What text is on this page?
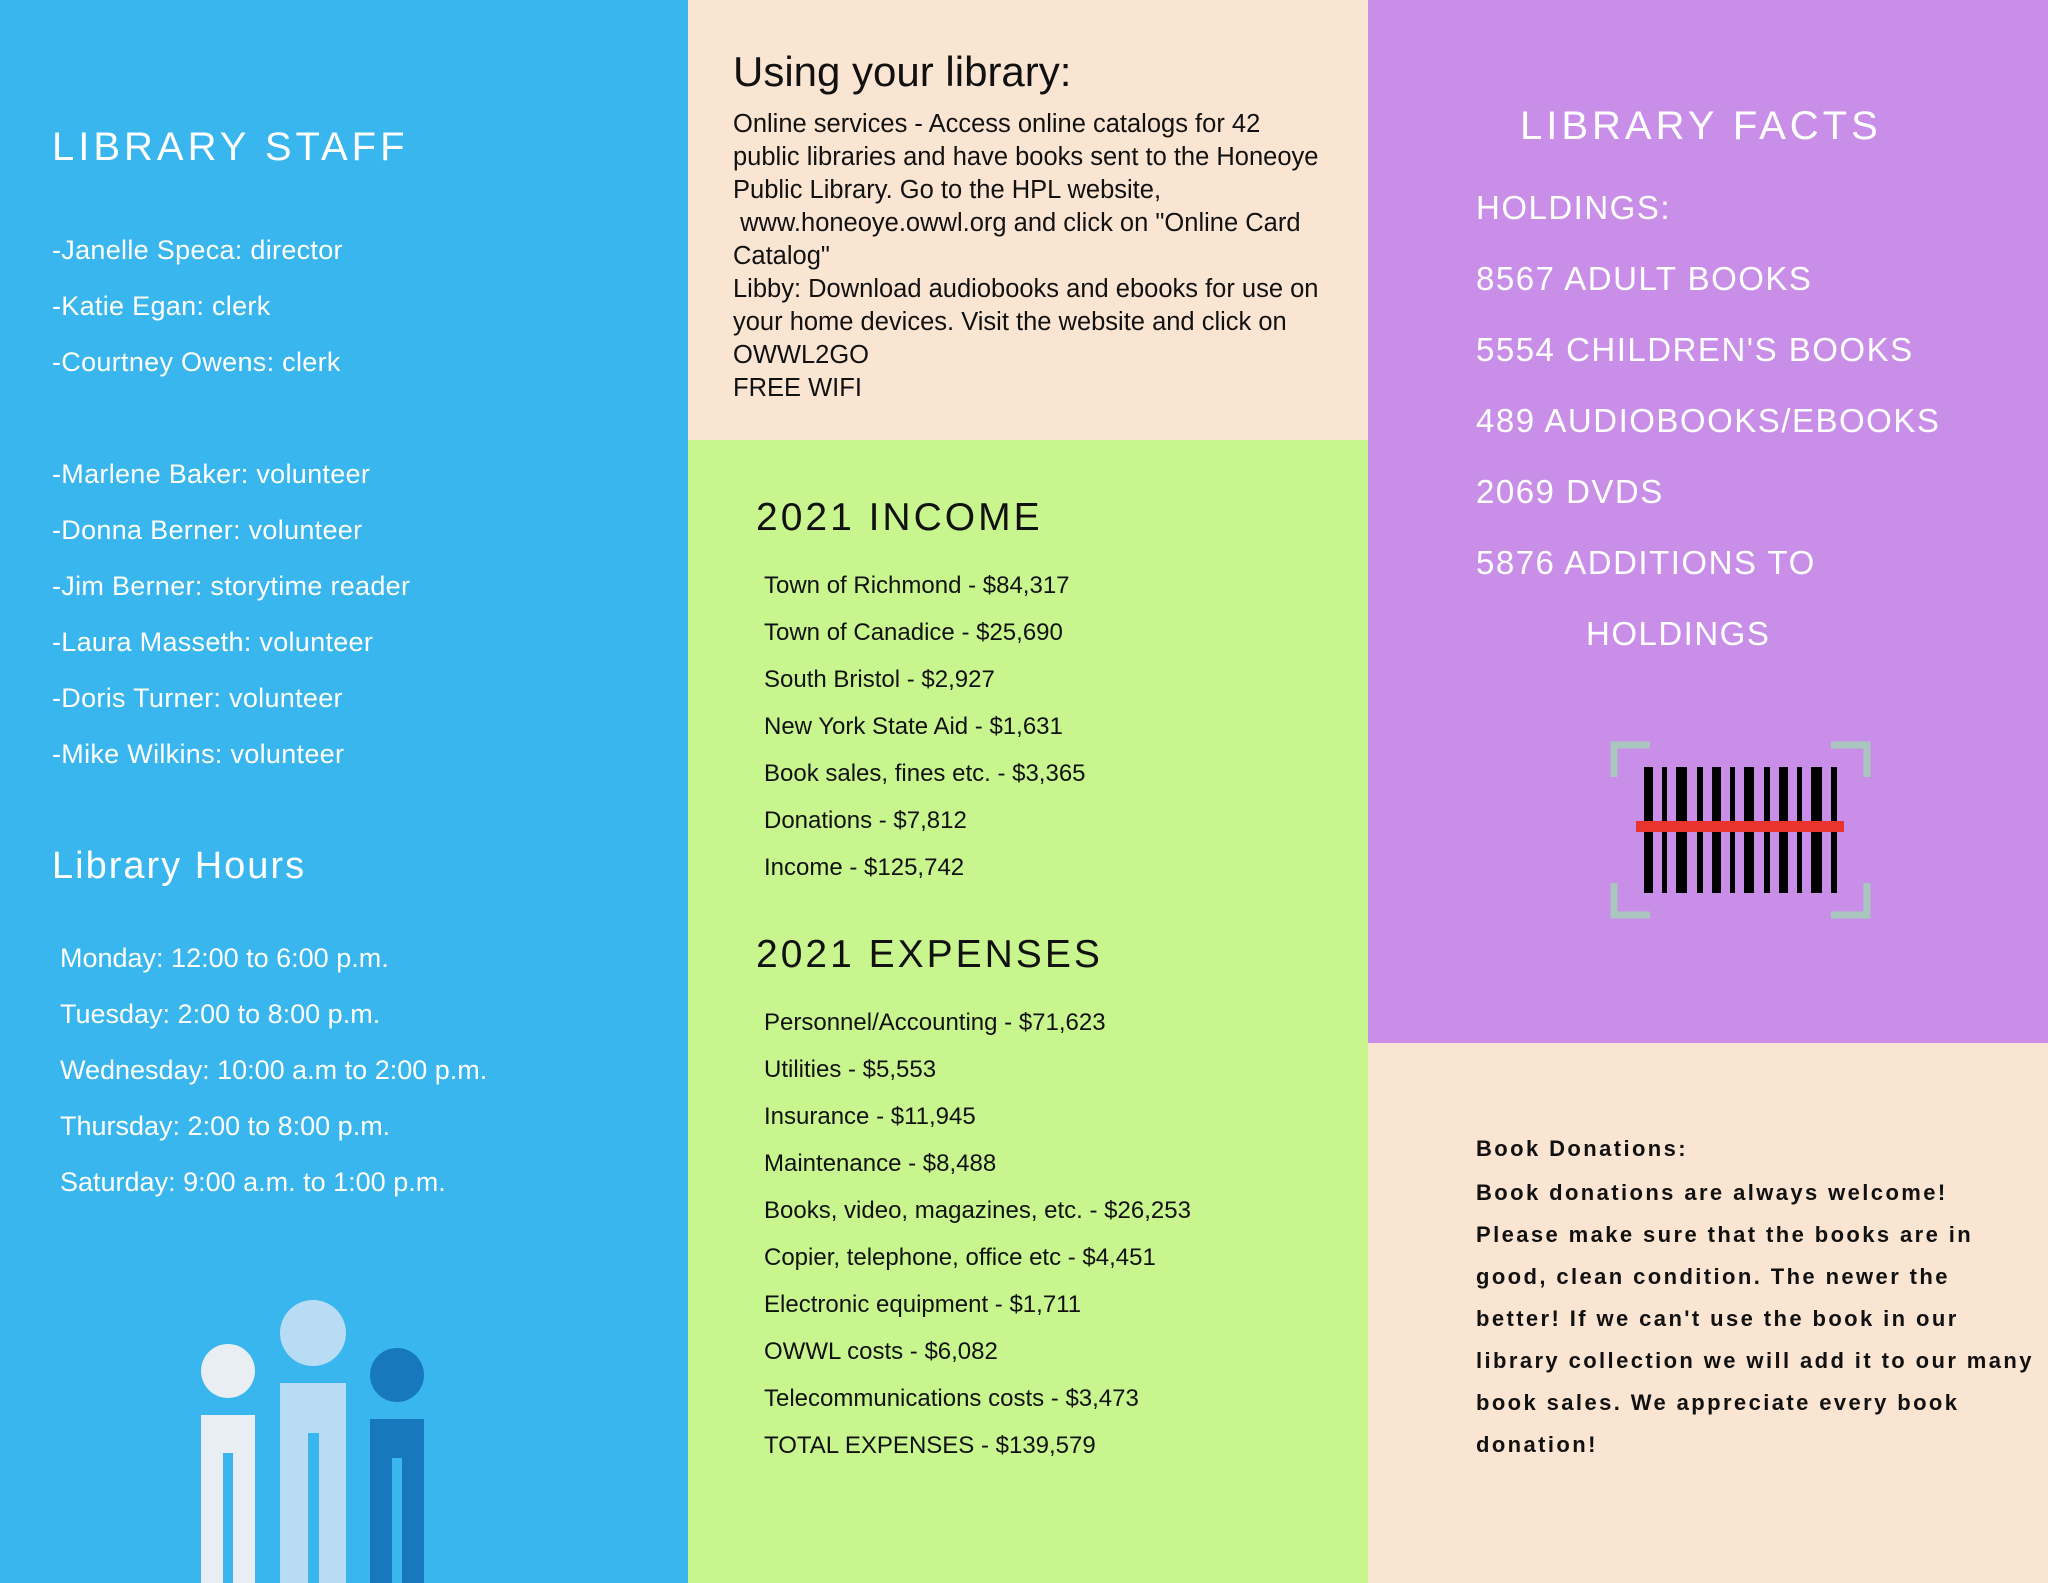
LIBRARY STAFF
-Janelle Speca: director
-Katie Egan: clerk
-Courtney Owens: clerk
-Marlene Baker: volunteer
-Donna Berner: volunteer
-Jim Berner: storytime reader
-Laura Masseth: volunteer
-Doris Turner: volunteer
-Mike Wilkins: volunteer
Library Hours
Monday: 12:00 to 6:00 p.m.
Tuesday: 2:00 to 8:00 p.m.
Wednesday: 10:00 a.m to 2:00 p.m.
Thursday: 2:00 to 8:00 p.m.
Saturday: 9:00 a.m. to 1:00 p.m.
Using your library:
Online services - Access online catalogs for 42 public libraries and have books sent to the Honeoye Public Library. Go to the HPL website,
www.honeoye.owwl.org and click on "Online Card Catalog"
Libby: Download audiobooks and ebooks for use on your home devices. Visit the website and click on OWWL2GO
FREE WIFI
2021 INCOME
Town of Richmond - $84,317
Town of Canadice - $25,690
South Bristol - $2,927
New York State Aid - $1,631
Book sales, fines etc. - $3,365
Donations - $7,812
Income - $125,742
2021 EXPENSES
Personnel/Accounting - $71,623
Utilities - $5,553
Insurance - $11,945
Maintenance - $8,488
Books, video, magazines, etc. - $26,253
Copier, telephone, office etc - $4,451
Electronic equipment - $1,711
OWWL costs - $6,082
Telecommunications costs - $3,473
TOTAL EXPENSES - $139,579
LIBRARY FACTS
HOLDINGS:
8567 ADULT BOOKS
5554 CHILDREN'S BOOKS
489 AUDIOBOOKS/EBOOKS
2069 DVDS
5876 ADDITIONS TO
HOLDINGS
Book Donations:
Book donations are always welcome! Please make sure that the books are in good, clean condition. The newer the better! If we can't use the book in our library collection we will add it to our many book sales. We appreciate every book donation!
